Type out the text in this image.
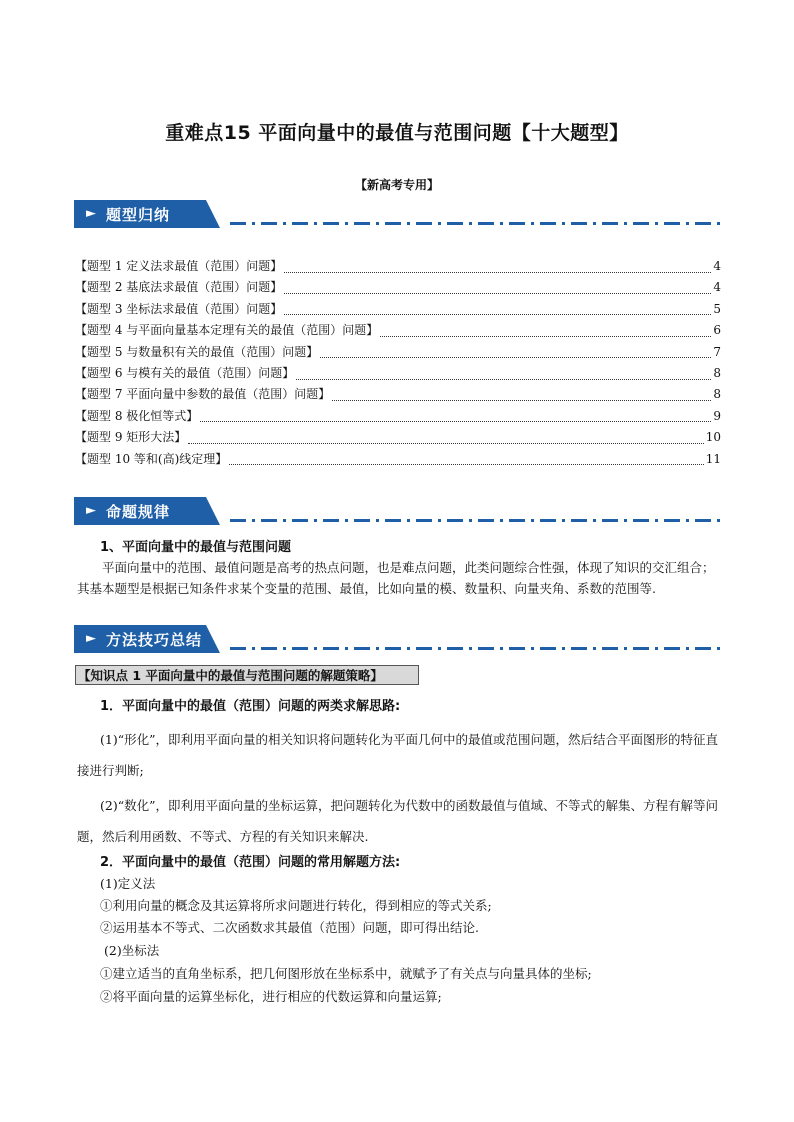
重难点15 平面向量中的最值与范围问题【十大题型】
【新高考专用】
► 题型归纳
【题型 1 定义法求最值（范围）问题】	4
【题型 2 基底法求最值（范围）问题】	4
【题型 3 坐标法求最值（范围）问题】	5
【题型 4 与平面向量基本定理有关的最值（范围）问题】	6
【题型 5 与数量积有关的最值（范围）问题】	7
【题型 6 与模有关的最值（范围）问题】	8
【题型 7 平面向量中参数的最值（范围）问题】	8
【题型 8 极化恒等式】	9
【题型 9 矩形大法】	10
【题型 10 等和(高)线定理】	11
► 命题规律
1、平面向量中的最值与范围问题
平面向量中的范围、最值问题是高考的热点问题，也是难点问题，此类问题综合性强，体现了知识的交汇组合；其基本题型是根据已知条件求某个变量的范围、最值，比如向量的模、数量积、向量夹角、系数的范围等.
► 方法技巧总结
【知识点 1 平面向量中的最值与范围问题的解题策略】
1．平面向量中的最值（范围）问题的两类求解思路:
(1)“形化”，即利用平面向量的相关知识将问题转化为平面几何中的最值或范围问题，然后结合平面图形的特征直接进行判断;
(2)“数化”，即利用平面向量的坐标运算，把问题转化为代数中的函数最值与值域、不等式的解集、方程有解等问题，然后利用函数、不等式、方程的有关知识来解决.
2．平面向量中的最值（范围）问题的常用解题方法:
(1)定义法
①利用向量的概念及其运算将所求问题进行转化，得到相应的等式关系;
②运用基本不等式、二次函数求其最值（范围）问题，即可得出结论.
(2)坐标法
①建立适当的直角坐标系，把几何图形放在坐标系中，就赋予了有关点与向量具体的坐标;
②将平面向量的运算坐标化，进行相应的代数运算和向量运算;
